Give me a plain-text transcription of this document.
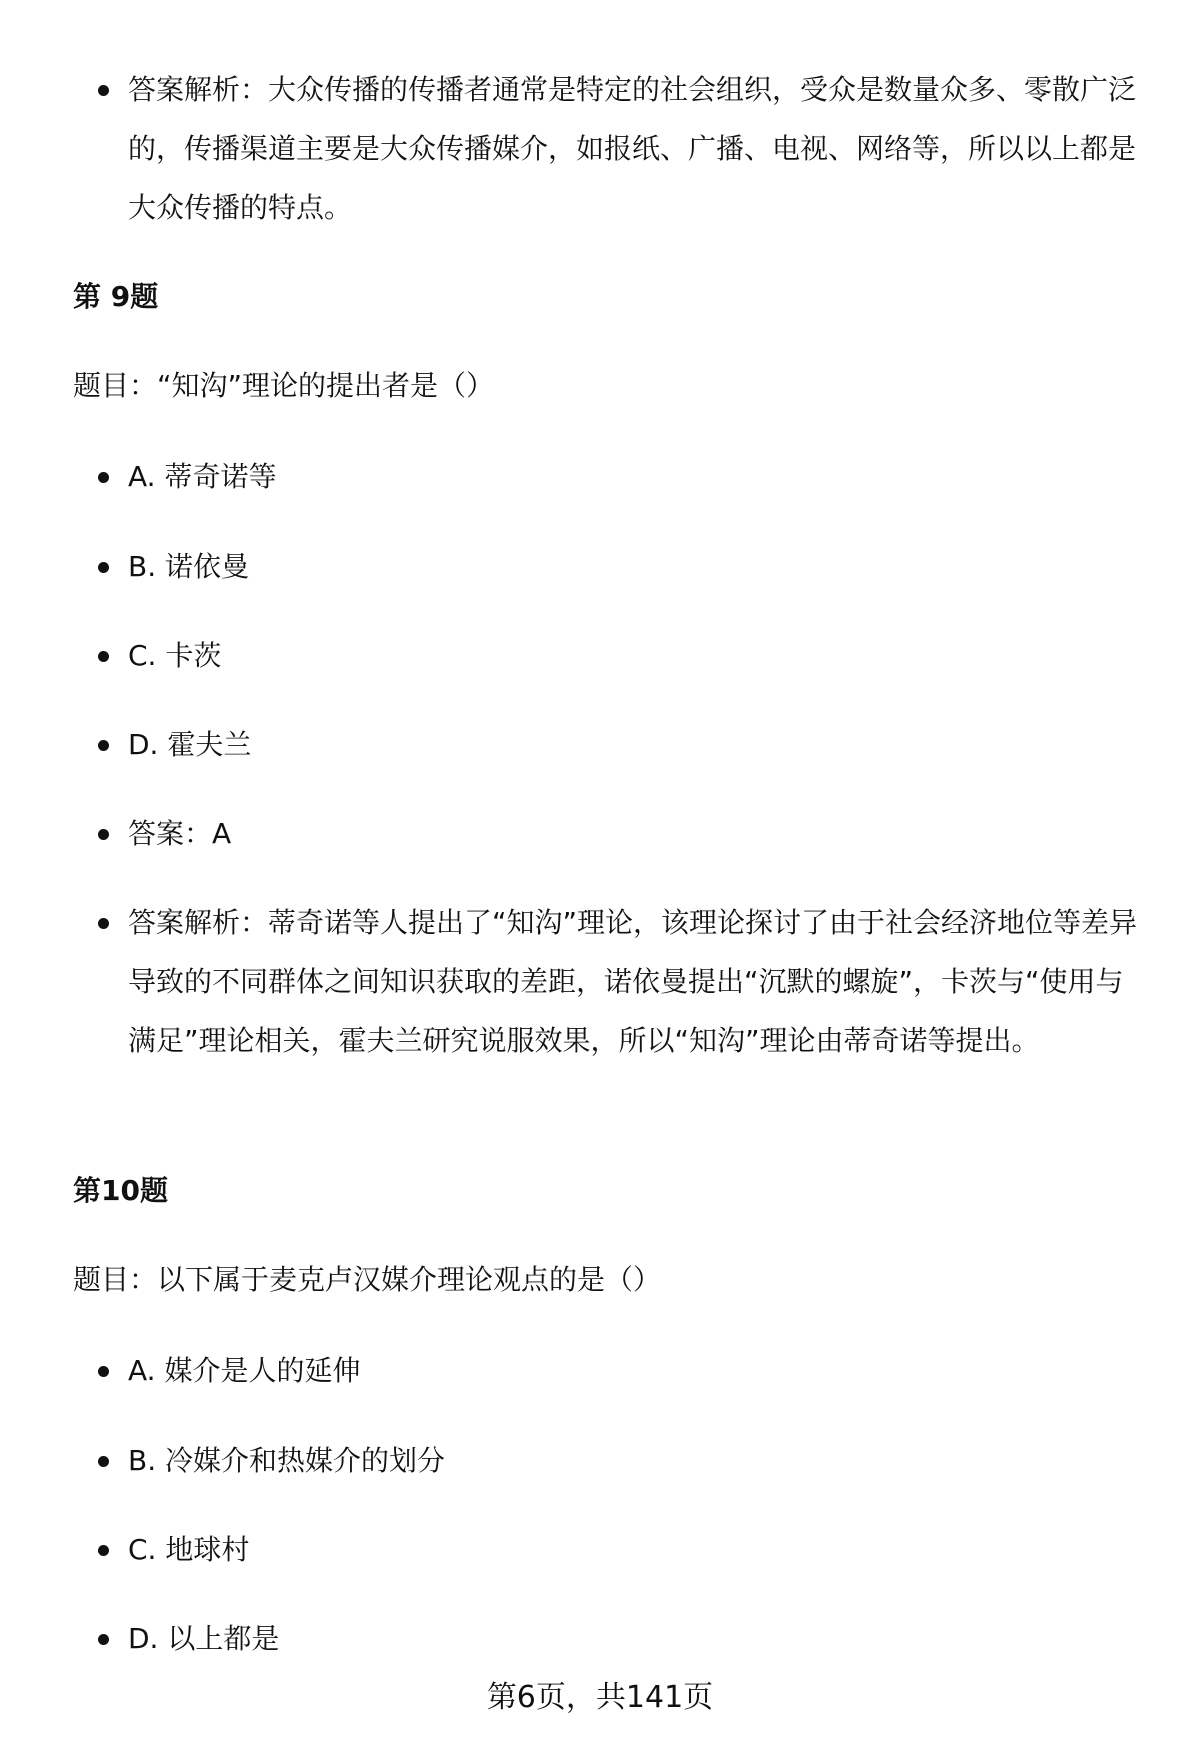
答案解析：大众传播的传播者通常是特定的社会组织，受众是数量众多、零散广泛的，传播渠道主要是大众传播媒介，如报纸、广播、电视、网络等，所以以上都是大众传播的特点。
第 9题
题目：“知沟”理论的提出者是（）
A. 蒂奇诺等
B. 诺依曼
C. 卡茨
D. 霍夫兰
答案：A
答案解析：蒂奇诺等人提出了“知沟”理论，该理论探讨了由于社会经济地位等差异导致的不同群体之间知识获取的差距，诺依曼提出“沉默的螺旋”，卡茨与“使用与满足”理论相关，霍夫兰研究说服效果，所以“知沟”理论由蒂奇诺等提出。
第10题
题目：以下属于麦克卢汉媒介理论观点的是（）
A. 媒介是人的延伸
B. 冷媒介和热媒介的划分
C. 地球村
D. 以上都是
第6页，共141页
